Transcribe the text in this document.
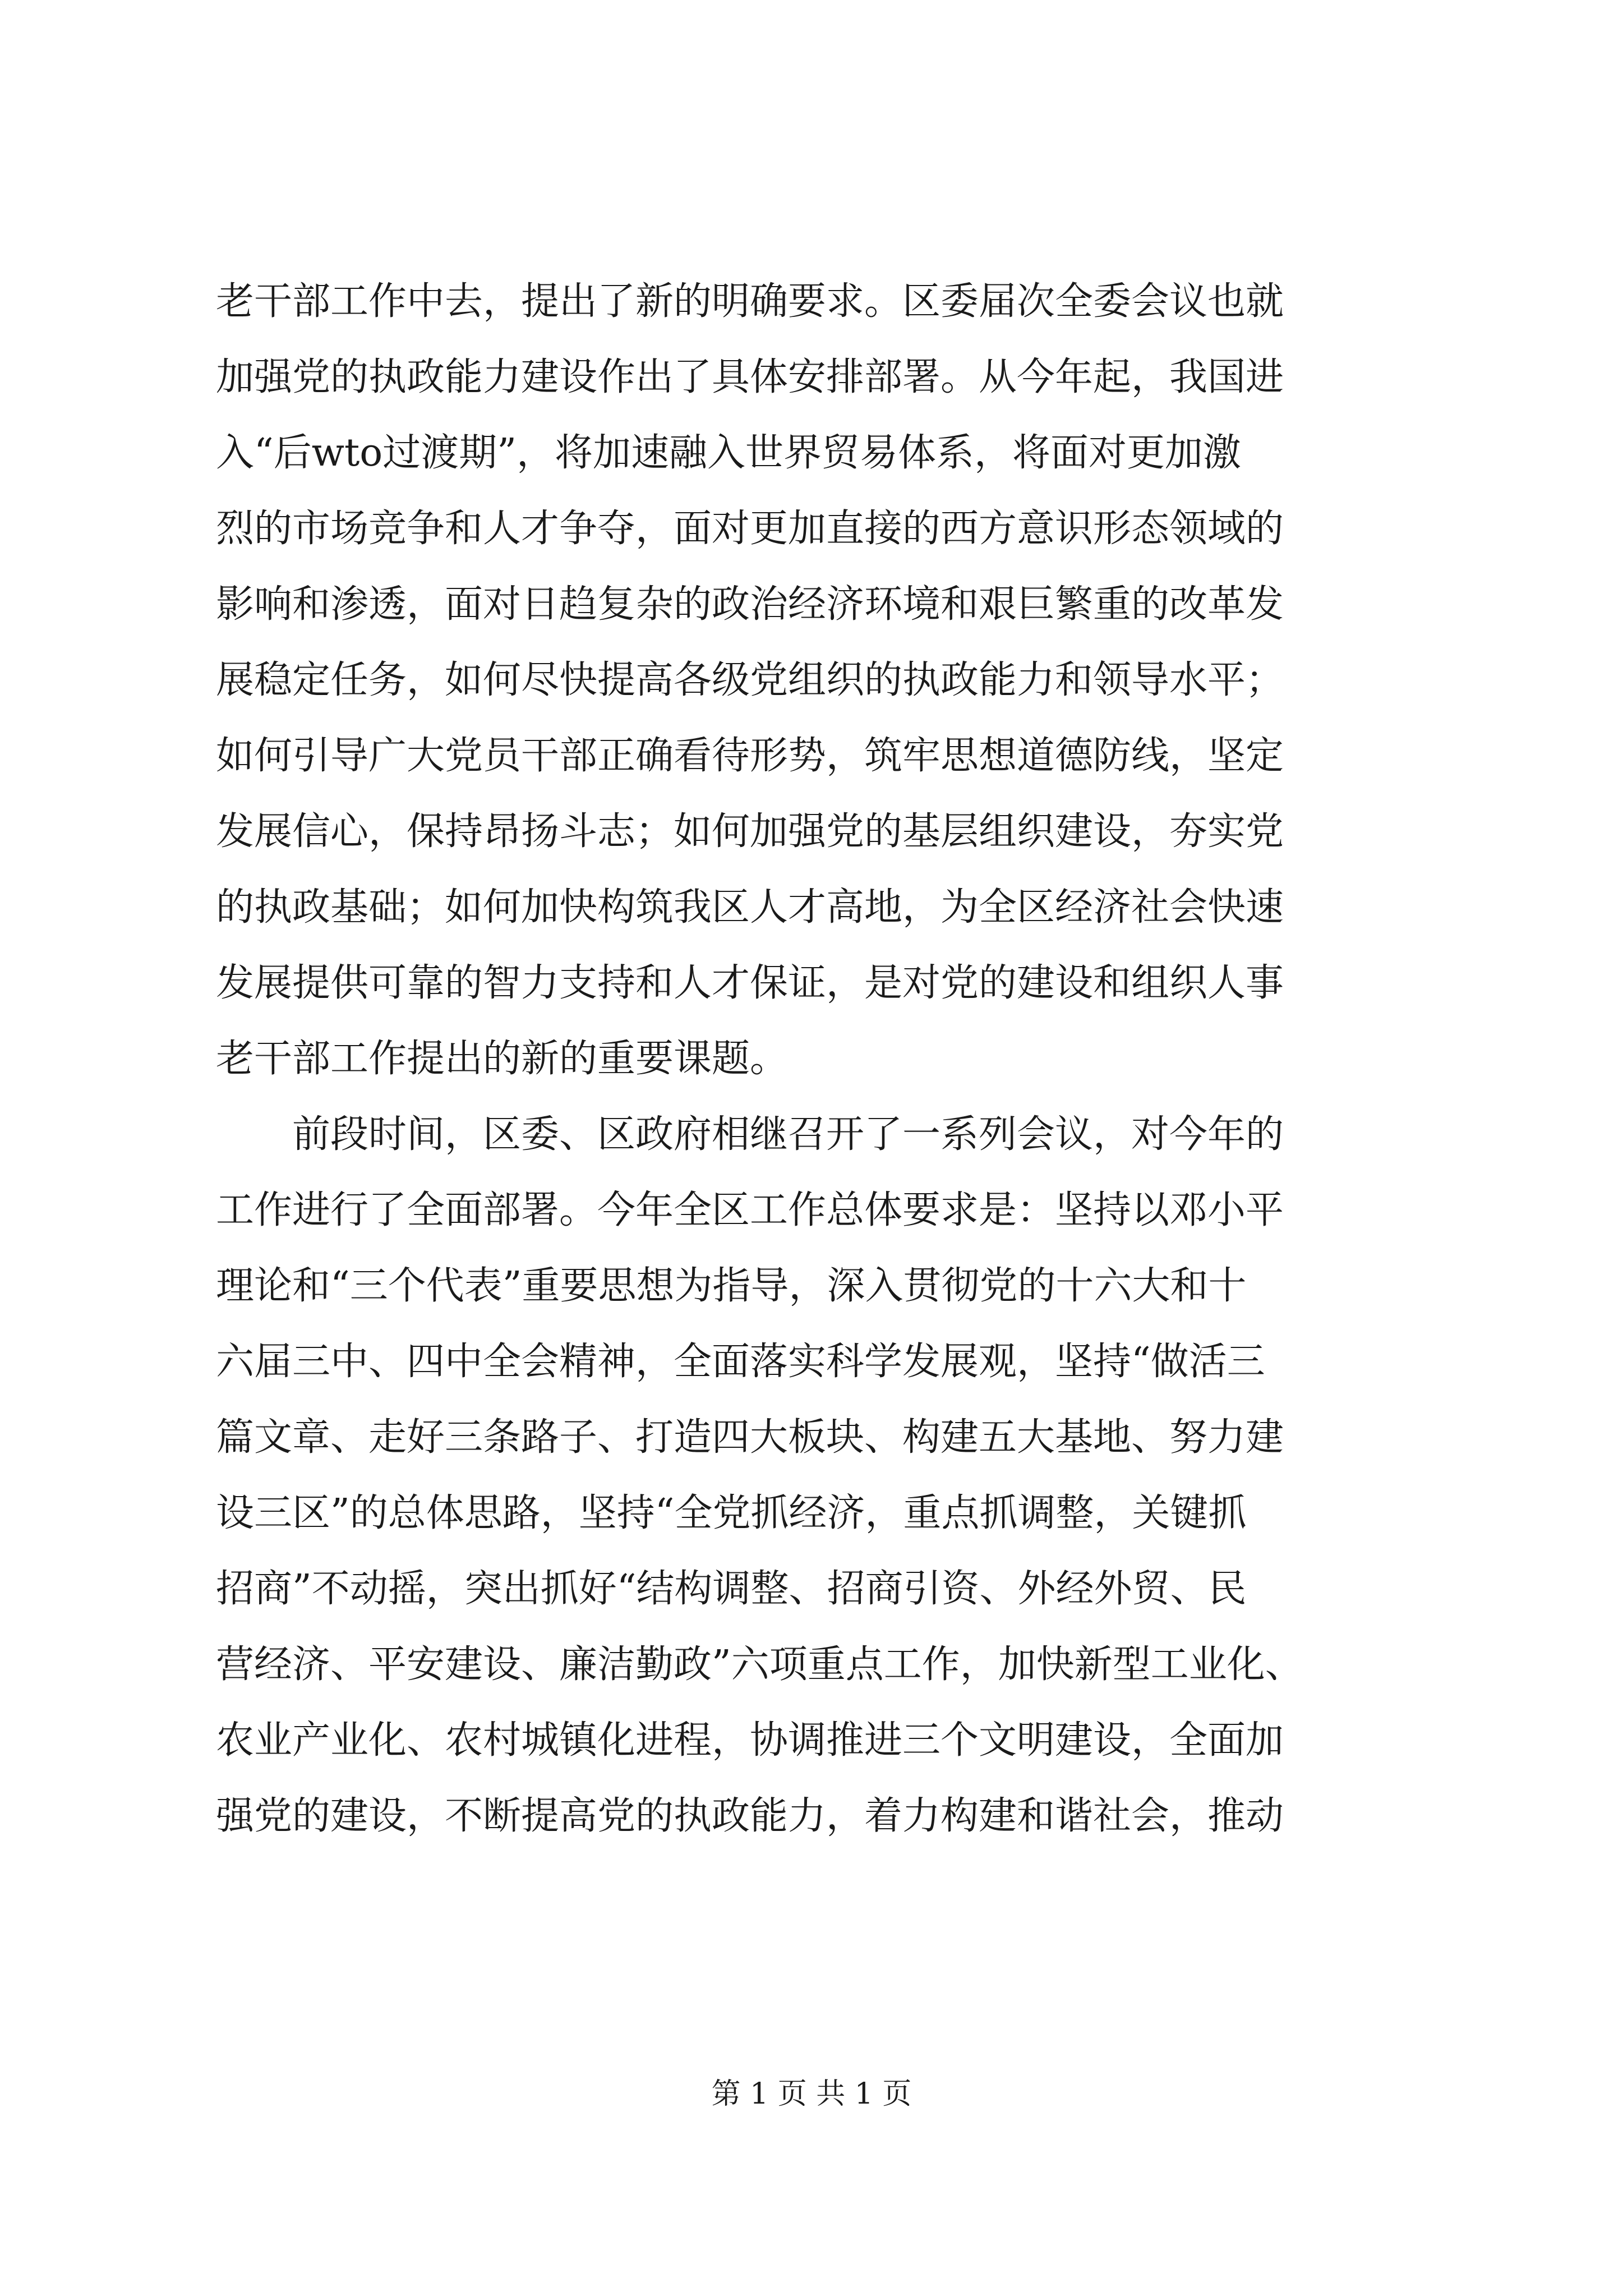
老干部工作中去，提出了新的明确要求。区委届次全委会议也就
加强党的执政能力建设作出了具体安排部署。从今年起，我国进
入“后wto过渡期”，将加速融入世界贸易体系，将面对更加激
烈的市场竞争和人才争夺，面对更加直接的西方意识形态领域的
影响和渗透，面对日趋复杂的政治经济环境和艰巨繁重的改革发
展稳定任务，如何尽快提高各级党组织的执政能力和领导水平；
如何引导广大党员干部正确看待形势，筑牢思想道德防线，坚定
发展信心，保持昂扬斗志；如何加强党的基层组织建设，夯实党
的执政基础；如何加快构筑我区人才高地，为全区经济社会快速
发展提供可靠的智力支持和人才保证，是对党的建设和组织人事
老干部工作提出的新的重要课题。
前段时间，区委、区政府相继召开了一系列会议，对今年的
工作进行了全面部署。今年全区工作总体要求是：坚持以邓小平
理论和“三个代表”重要思想为指导，深入贯彻党的十六大和十
六届三中、四中全会精神，全面落实科学发展观，坚持“做活三
篇文章、走好三条路子、打造四大板块、构建五大基地、努力建
设三区”的总体思路，坚持“全党抓经济，重点抓调整，关键抓
招商”不动摇，突出抓好“结构调整、招商引资、外经外贸、民
营经济、平安建设、廉洁勤政”六项重点工作，加快新型工业化、
农业产业化、农村城镇化进程，协调推进三个文明建设，全面加
强党的建设，不断提高党的执政能力，着力构建和谐社会，推动
第 1 页 共 1 页
